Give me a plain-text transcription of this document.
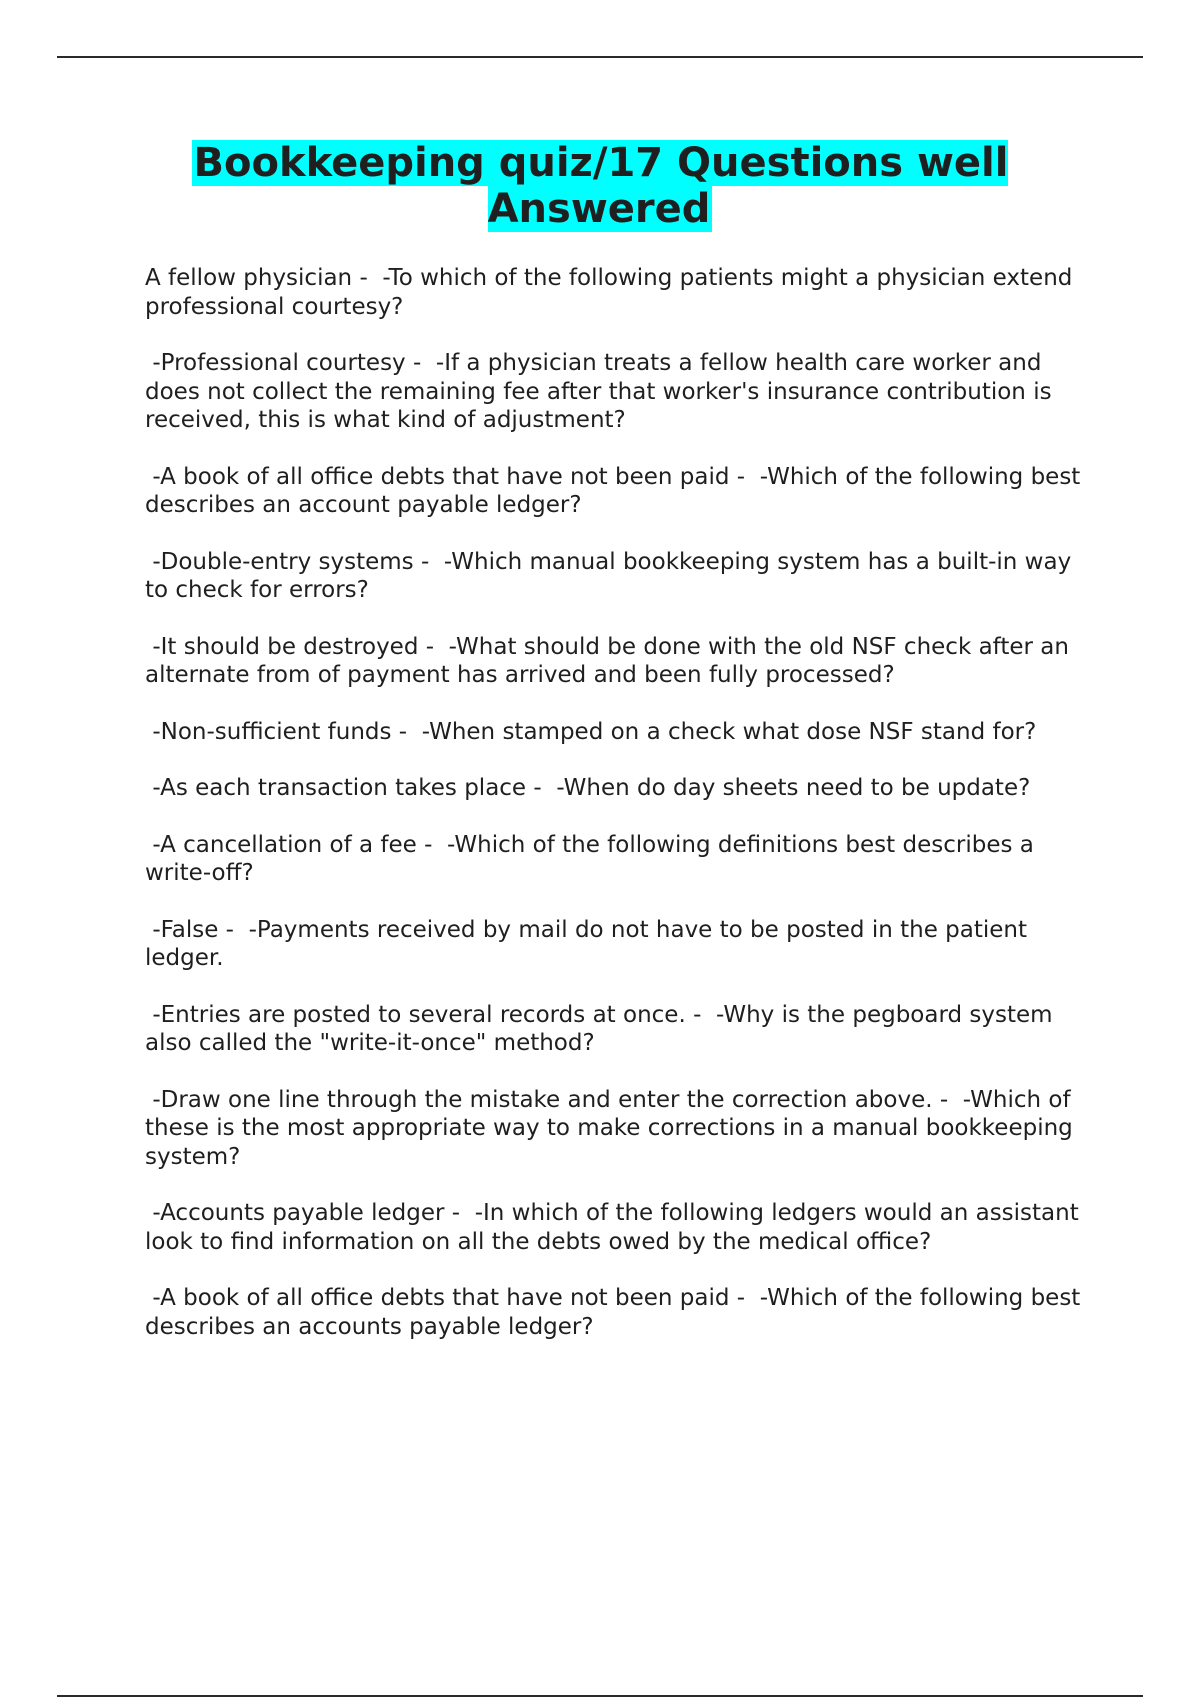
Bookkeeping quiz/17 Questions well Answered

A fellow physician -  -To which of the following patients might a physician extend professional courtesy?

-Professional courtesy -  -If a physician treats a fellow health care worker and does not collect the remaining fee after that worker's insurance contribution is received, this is what kind of adjustment?

-A book of all office debts that have not been paid -  -Which of the following best describes an account payable ledger?

-Double-entry systems -  -Which manual bookkeeping system has a built-in way to check for errors?

-It should be destroyed -  -What should be done with the old NSF check after an alternate from of payment has arrived and been fully processed?

-Non-sufficient funds -  -When stamped on a check what dose NSF stand for?

-As each transaction takes place -  -When do day sheets need to be update?

-A cancellation of a fee -  -Which of the following definitions best describes a write-off?

-False -  -Payments received by mail do not have to be posted in the patient ledger.

-Entries are posted to several records at once. -  -Why is the pegboard system also called the "write-it-once" method?

-Draw one line through the mistake and enter the correction above. -  -Which of these is the most appropriate way to make corrections in a manual bookkeeping system?

-Accounts payable ledger -  -In which of the following ledgers would an assistant look to find information on all the debts owed by the medical office?

-A book of all office debts that have not been paid -  -Which of the following best describes an accounts payable ledger?
